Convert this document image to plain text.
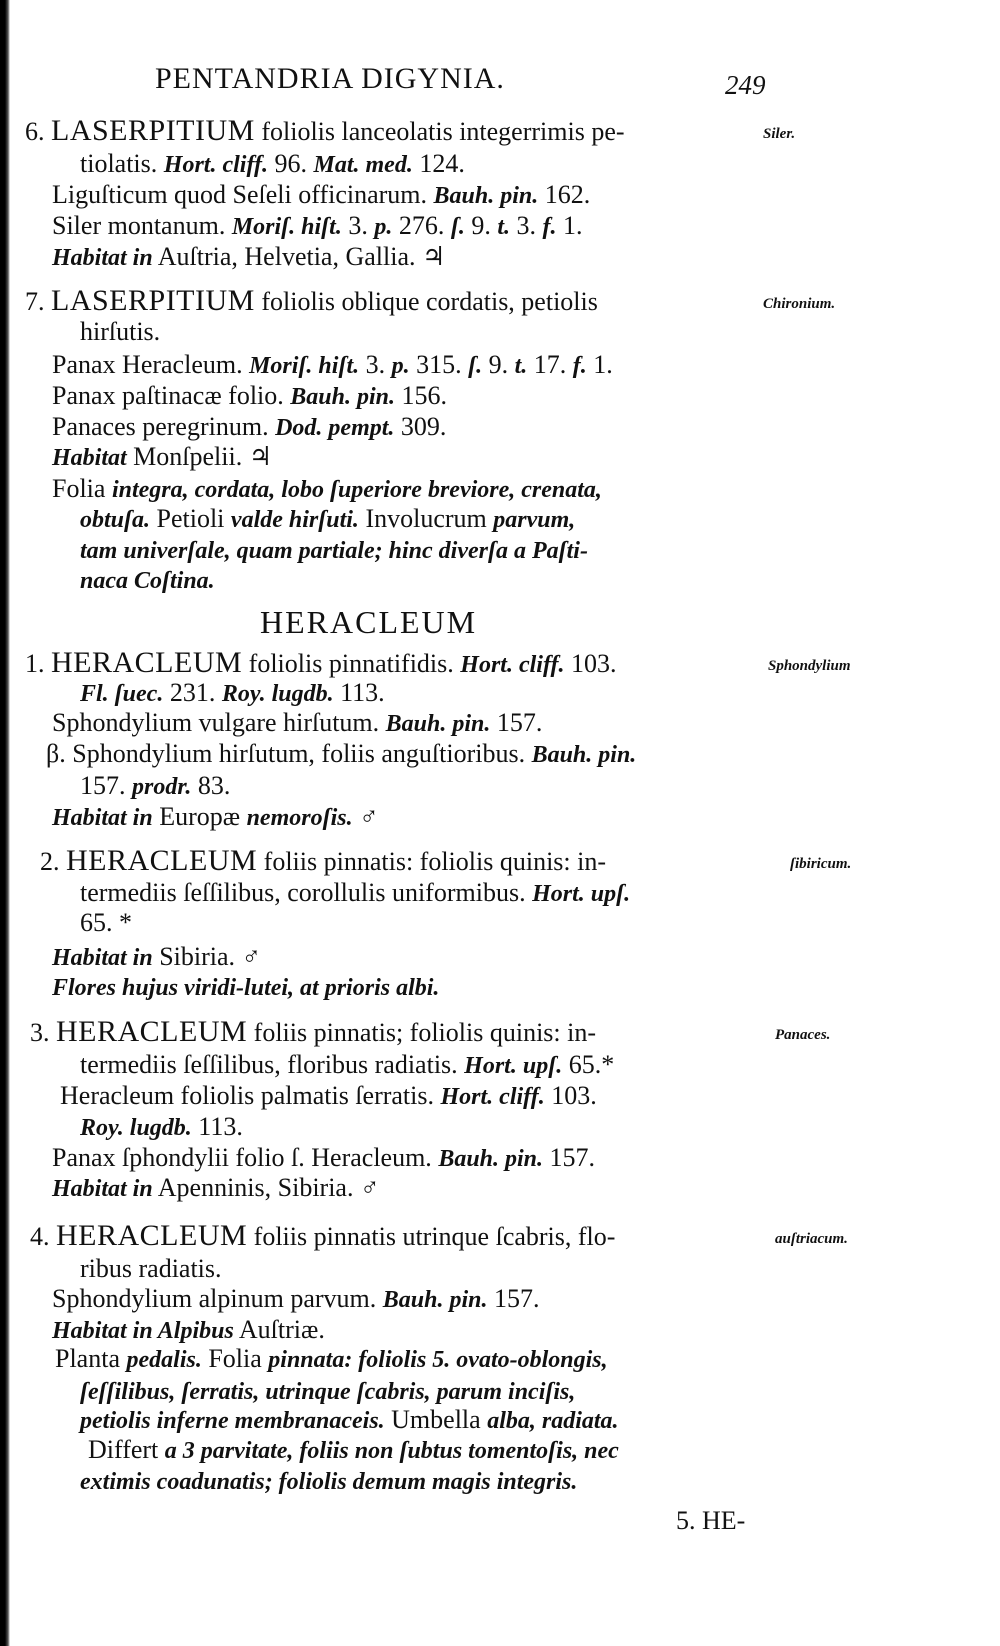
PENTANDRIA DIGYNIA.	249
HERACLEUM
6. LASERPITIUM foliolis lanceolatis integerrimis pe-	Siler.
tiolatis. Hort. cliff. 96. Mat. med. 124.
Liguſticum quod Seſeli officinarum. Bauh. pin. 162.
Siler montanum. Moriſ. hiſt. 3. p. 276. ſ. 9. t. 3. f. 1.
Habitat in Auſtria, Helvetia, Gallia. ♃
7. LASERPITIUM foliolis oblique cordatis, petiolis	Chironium.
hirſutis.
Panax Heracleum. Moriſ. hiſt. 3. p. 315. ſ. 9. t. 17. f. 1.
Panax paſtinacæ folio. Bauh. pin. 156.
Panaces peregrinum. Dod. pempt. 309.
Habitat Monſpelii. ♃
Folia integra, cordata, lobo ſuperiore breviore, crenata,
obtuſa. Petioli valde hirſuti. Involucrum parvum,
tam univerſale, quam partiale; hinc diverſa a Paſti-
naca Coſtina.
1. HERACLEUM foliolis pinnatifidis. Hort. cliff. 103.	Sphondylium
Fl. ſuec. 231. Roy. lugdb. 113.
Sphondylium vulgare hirſutum. Bauh. pin. 157.
β. Sphondylium hirſutum, foliis anguſtioribus. Bauh. pin.
157. prodr. 83.
Habitat in Europæ nemoroſis. ♂
2. HERACLEUM foliis pinnatis: foliolis quinis: in-	ſibiricum.
termediis ſeſſilibus, corollulis uniformibus. Hort. upſ.
65. *
Habitat in Sibiria. ♂
Flores hujus viridi-lutei, at prioris albi.
3. HERACLEUM foliis pinnatis; foliolis quinis: in-	Panaces.
termediis ſeſſilibus, floribus radiatis. Hort. upſ. 65.*
Heracleum foliolis palmatis ſerratis. Hort. cliff. 103.
Roy. lugdb. 113.
Panax ſphondylii folio ſ. Heracleum. Bauh. pin. 157.
Habitat in Apenninis, Sibiria. ♂
4. HERACLEUM foliis pinnatis utrinque ſcabris, flo-	auſtriacum.
ribus radiatis.
Sphondylium alpinum parvum. Bauh. pin. 157.
Habitat in Alpibus Auſtriæ.
Planta pedalis. Folia pinnata: foliolis 5. ovato-oblongis,
ſeſſilibus, ſerratis, utrinque ſcabris, parum inciſis,
petiolis inferne membranaceis. Umbella alba, radiata.
Differt a 3 parvitate, foliis non ſubtus tomentoſis, nec
extimis coadunatis; foliolis demum magis integris.
5. HE-
